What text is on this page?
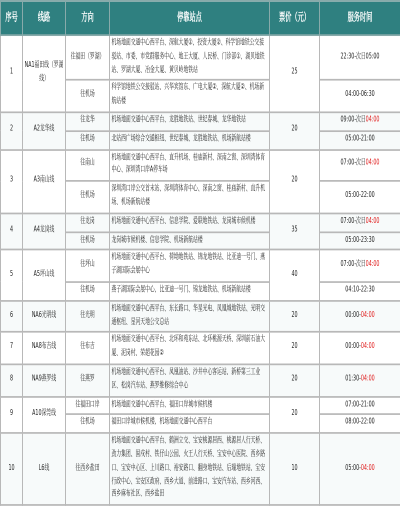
序号	线路	方向	停靠站点	票价（元）	服务时间
1	NA1福田线（罗湖线）	往福田（罗湖）	机场地面交通中心西平台、深航大厦②、投资大厦②、科学馆地铁公交接驳站、市委、市党群服务中心、地王大厦、人民桥、门诊部①、湖贝地铁站、罗湖大厦、冶金大厦、黄贝岭地铁站	25	22:30-次日05:00
		往机场	科学馆地铁公交接驳站、兴华宾馆东、广电大厦②、深航大厦②、机场新航站楼		04:00-06:30
2	A2龙华线	往龙华	机场地面交通中心西平台、龙胜地铁站、世纪春城、龙华地铁站	20	09:00-次日04:00
		往机场	北站西广场综合交通枢纽、世纪春城、龙胜地铁站、机场新航站楼		05:00-21:00
3	A3南山线	往南山	机场地面交通中心西平台、直升机场、桂庙新村、深南之窗、深圳湾体育中心、深圳湾口岸A停车场	20	07:00-次日04:00
		往机场	深圳湾口岸公交首末站、深圳湾体育中心、深南之窗、桂庙新村、直升机场、机场新航站楼		05:00-22:00
4	A4龙岗线	往龙岗	机场地面交通中心西平台、信息学院、爱联地铁站、龙岗城市候机楼	35	07:00-次日04:00
		往机场	龙岗城市候机楼、信息学院、机场新航站楼		05:00-23:30
5	A5坪山线	往坪山	机场地面交通中心西平台、荷坳地铁站、锦龙地铁站、比亚迪一号门、燕子湖国际会展中心	40	07:00-次日04:00
		往机场	燕子湖国际会展中心、比亚迪一号门、锦龙地铁站、机场新航站楼		04:10-22:30
6	NA6光明线	往光明	机场地面交通中心西平台、东长路口、华星光电、凤凰城地铁站、光明交通枢纽、星河天地公交总站	20	00:00-04:00
7	NA8布吉线	往布吉	机场地面交通中心西平台、北环和苑东站、北环桃源天桥、深圳前石油大厦、泥岗村、荣超花园②	20	00:00-04:00
8	NA9燕罗线	往燕罗	机场地面交通中心西平台、凤凰油站、沙井中心客运站、新桥第三工业区、松岗汽车站、燕罗维修综合中心	20	01:30-04:00
9	A10深莞线	往福田口岸	机场地面交通中心西平台、福田口岸城市候机楼	20	07:00-21:00
		往机场	福田口岸城市候机楼、机场地面交通中心西平台		08:00-22:00
10	L6线	往西乡盐田	机场地面交通中心西平台、鹤洲立交、宝安桃源居西、桃源居人行天桥、劲力集团、固戍村、铁仔山公园、火王人行天桥、宝安中心医院、西乡路口、宝安中心区、上川路口、裕安路口、翻身地铁站、后瑞地铁站、宝安行政中心、宝安区政府、西乡大道、前进路口、宝安汽车站、西乡河西、西乡麻布社区、西乡盐田	10	05:00-04:00
